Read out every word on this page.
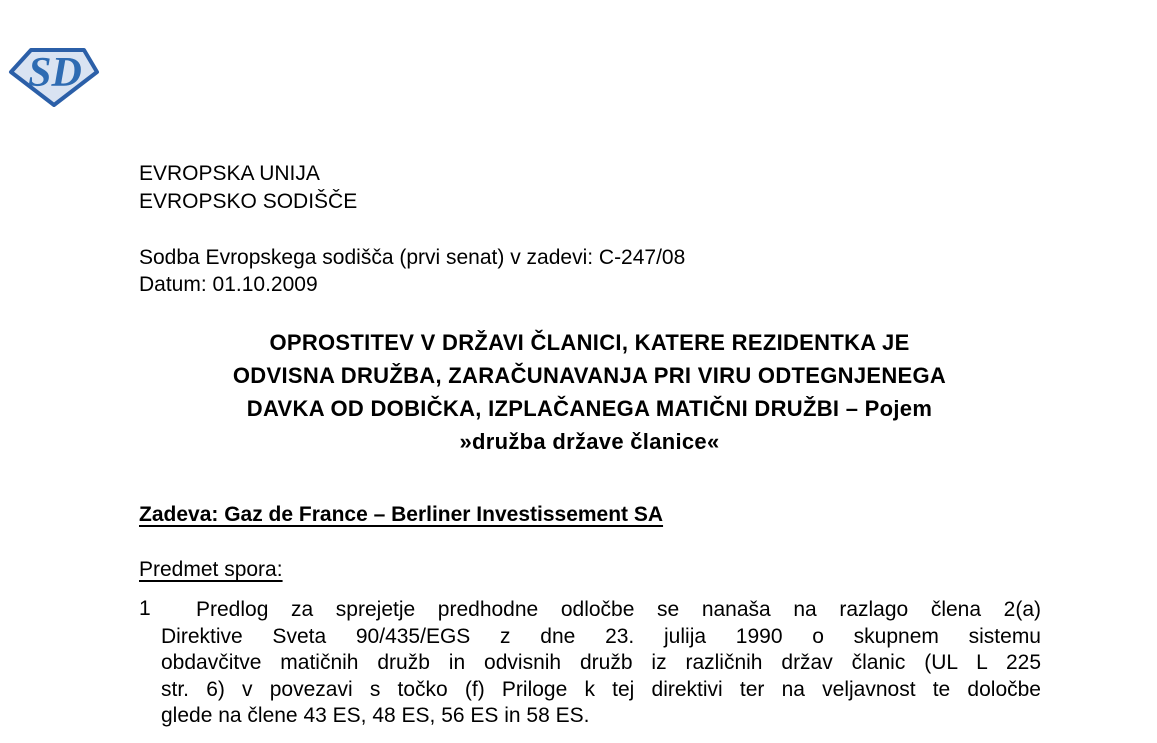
SD
EVROPSKA UNIJA
EVROPSKO SODIŠČE
Sodba Evropskega sodišča (prvi senat) v zadevi: C-247/08
Datum: 01.10.2009
OPROSTITEV V DRŽAVI ČLANICI, KATERE REZIDENTKA JE
ODVISNA DRUŽBA, ZARAČUNAVANJA PRI VIRU ODTEGNJENEGA
DAVKA OD DOBIČKA, IZPLAČANEGA MATIČNI DRUŽBI – Pojem
»družba države članice«
Zadeva: Gaz de France – Berliner Investissement SA
Predmet spora:
1 Predlog za sprejetje predhodne odločbe se nanaša na razlago člena 2(a)
Direktive Sveta 90/435/EGS z dne 23. julija 1990 o skupnem sistemu
obdavčitve matičnih družb in odvisnih družb iz različnih držav članic (UL L 225
str. 6) v povezavi s točko (f) Priloge k tej direktivi ter na veljavnost te določbe
glede na člene 43 ES, 48 ES, 56 ES in 58 ES.
